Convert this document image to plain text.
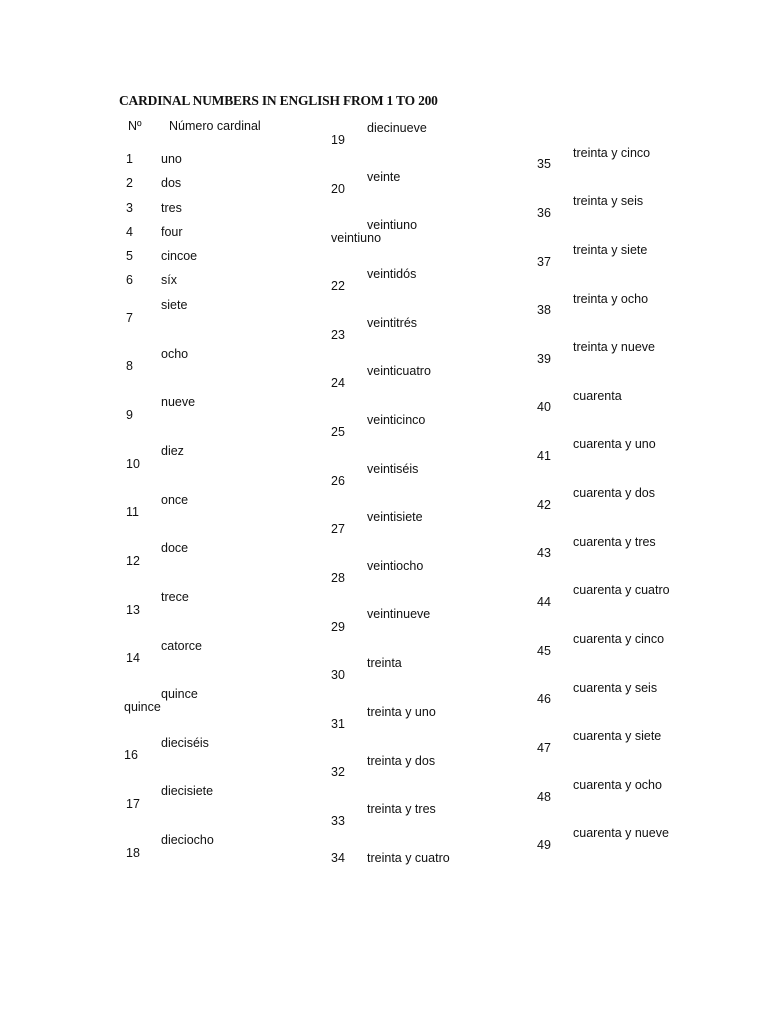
CARDINAL NUMBERS IN ENGLISH FROM 1 TO 200
Nº Número cardinal
1 uno
2 dos
3 tres
4 four
5 cincoe
6 síx
7
siete
8
ocho
9
nueve
10
diez
11
once
12
doce
13
trece
14
catorce
quince
quince
16
dieciséis
17
diecisiete
18
dieciocho
19
diecinueve
20
veinte
veintiuno
veintiuno
22
veintidós
23
veintitrés
24
veinticuatro
25
veinticinco
26
veintiséis
27
veintisiete
28
veintiocho
29
veintinueve
30
treinta
31
treinta y uno
32
treinta y dos
33
treinta y tres
34 treinta y cuatro
35
treinta y cinco
36
treinta y seis
37
treinta y siete
38
treinta y ocho
39
treinta y nueve
40
cuarenta
41
cuarenta y uno
42
cuarenta y dos
43
cuarenta y tres
44
cuarenta y cuatro
45
cuarenta y cinco
46
cuarenta y seis
47
cuarenta y siete
48
cuarenta y ocho
49
cuarenta y nueve
